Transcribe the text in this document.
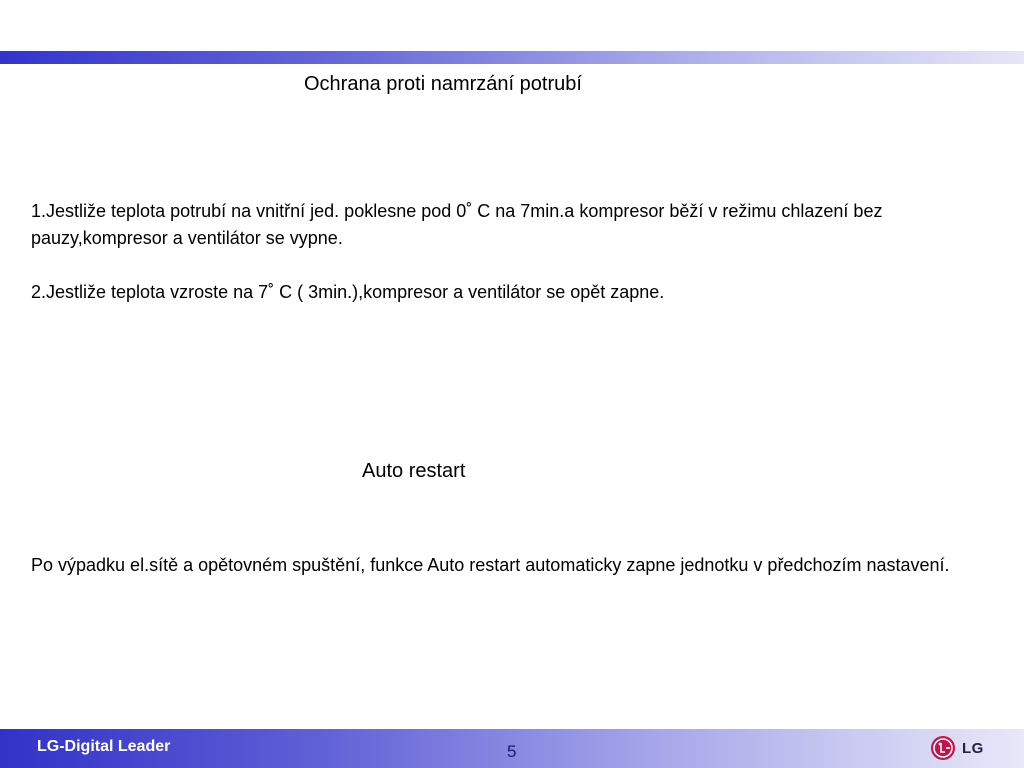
Ochrana proti namrzání potrubí

1.Jestliže teplota potrubí na vnitřní jed. poklesne pod 0˚ C na 7min.a kompresor běží v režimu chlazení bez pauzy,kompresor a ventilátor se vypne.

2.Jestliže teplota vzroste na 7˚ C ( 3min.),kompresor a ventilátor se opět zapne.

Auto restart

Po výpadku el.sítě a opětovném spuštění, funkce Auto restart automaticky zapne jednotku v předchozím nastavení.

LG-Digital Leader	5	LG
